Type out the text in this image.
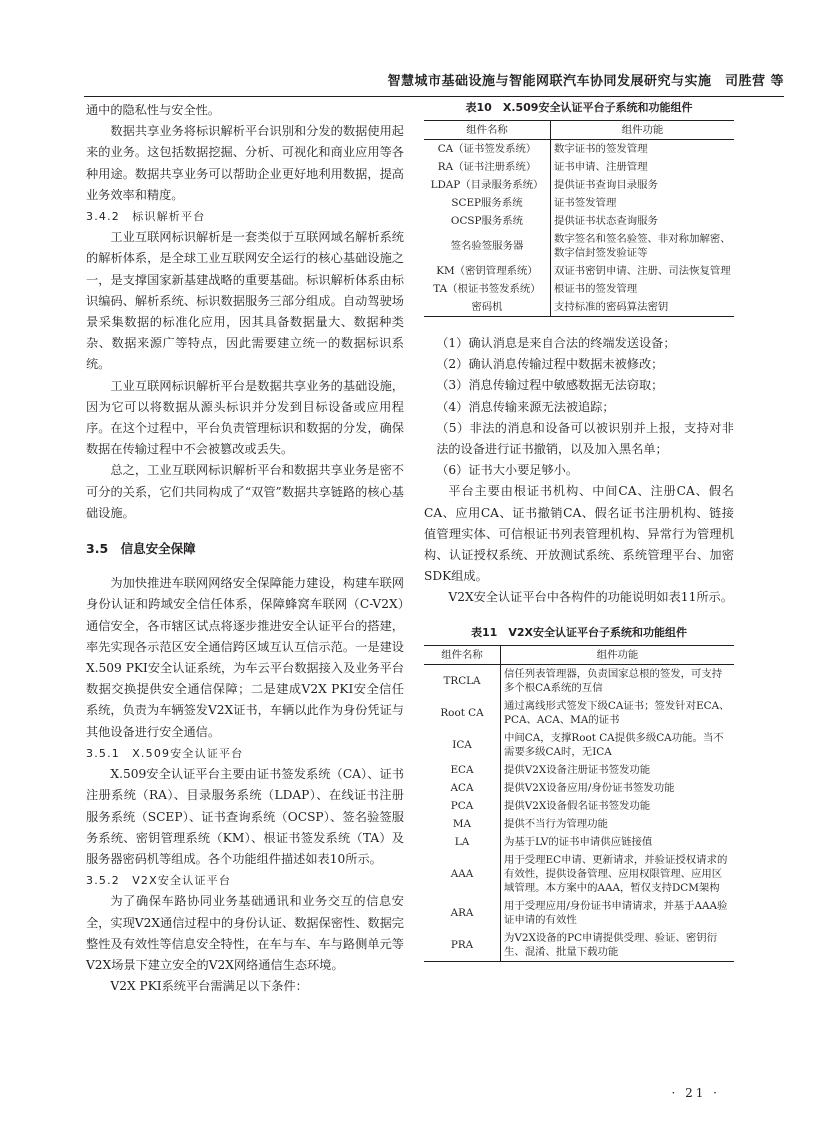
智慧城市基础设施与智能网联汽车协同发展研究与实施　司胜营 等

通中的隐私性与安全性。

数据共享业务将标识解析平台识别和分发的数据使用起来的业务。这包括数据挖掘、分析、可视化和商业应用等各种用途。数据共享业务可以帮助企业更好地利用数据，提高业务效率和精度。

3.4.2　标识解析平台

工业互联网标识解析是一套类似于互联网域名解析系统的解析体系，是全球工业互联网安全运行的核心基础设施之一，是支撑国家新基建战略的重要基础。标识解析体系由标识编码、解析系统、标识数据服务三部分组成。自动驾驶场景采集数据的标准化应用，因其具备数据量大、数据种类杂、数据来源广等特点，因此需要建立统一的数据标识系统。

工业互联网标识解析平台是数据共享业务的基础设施，因为它可以将数据从源头标识并分发到目标设备或应用程序。在这个过程中，平台负责管理标识和数据的分发，确保数据在传输过程中不会被篡改或丢失。

总之，工业互联网标识解析平台和数据共享业务是密不可分的关系，它们共同构成了“双管”数据共享链路的核心基础设施。

3.5　信息安全保障

为加快推进车联网网络安全保障能力建设，构建车联网身份认证和跨域安全信任体系，保障蜂窝车联网（C-V2X）通信安全，各市辖区试点将逐步推进安全认证平台的搭建，率先实现各示范区安全通信跨区域互认互信示范。一是建设X.509 PKI安全认证系统，为车云平台数据接入及业务平台数据交换提供安全通信保障；二是建成V2X PKI安全信任系统，负责为车辆签发V2X证书，车辆以此作为身份凭证与其他设备进行安全通信。

3.5.1　X.509安全认证平台

X.509安全认证平台主要由证书签发系统（CA）、证书注册系统（RA）、目录服务系统（LDAP）、在线证书注册服务系统（SCEP）、证书查询系统（OCSP）、签名验签服务系统、密钥管理系统（KM）、根证书签发系统（TA）及服务器密码机等组成。各个功能组件描述如表10所示。

3.5.2　V2X安全认证平台

为了确保车路协同业务基础通讯和业务交互的信息安全，实现V2X通信过程中的身份认证、数据保密性、数据完整性及有效性等信息安全特性，在车与车、车与路侧单元等V2X场景下建立安全的V2X网络通信生态环境。

V2X PKI系统平台需满足以下条件：

表10　X.509安全认证平台子系统和功能组件

组件名称	组件功能
CA（证书签发系统）	数字证书的签发管理
RA（证书注册系统）	证书申请、注册管理
LDAP（目录服务系统）	提供证书查询目录服务
SCEP服务系统	证书签发管理
OCSP服务系统	提供证书状态查询服务
签名验签服务器	数字签名和签名验签、非对称加解密、数字信封签发验证等
KM（密钥管理系统）	双证书密钥申请、注册、司法恢复管理
TA（根证书签发系统）	根证书的签发管理
密码机	支持标准的密码算法密钥

（1）确认消息是来自合法的终端发送设备；

（2）确认消息传输过程中数据未被修改；

（3）消息传输过程中敏感数据无法窃取；

（4）消息传输来源无法被追踪；

（5）非法的消息和设备可以被识别并上报，支持对非法的设备进行证书撤销，以及加入黑名单；

（6）证书大小要足够小。

平台主要由根证书机构、中间CA、注册CA、假名CA、应用CA、证书撤销CA、假名证书注册机构、链接值管理实体、可信根证书列表管理机构、异常行为管理机构、认证授权系统、开放测试系统、系统管理平台、加密SDK组成。

V2X安全认证平台中各构件的功能说明如表11所示。

表11　V2X安全认证平台子系统和功能组件

组件名称	组件功能
TRCLA	信任列表管理器，负责国家总根的签发，可支持多个根CA系统的互信
Root CA	通过离线形式签发下级CA证书；签发针对ECA、PCA、ACA、MA的证书
ICA	中间CA，支撑Root CA提供多级CA功能。当不需要多级CA时，无ICA
ECA	提供V2X设备注册证书签发功能
ACA	提供V2X设备应用/身份证书签发功能
PCA	提供V2X设备假名证书签发功能
MA	提供不当行为管理功能
LA	为基于LV的证书申请供应链接值
AAA	用于受理EC申请、更新请求，并验证授权请求的有效性，提供设备管理、应用权限管理、应用区域管理。本方案中的AAA，暂仅支持DCM架构
ARA	用于受理应用/身份证书申请请求，并基于AAA验证申请的有效性
PRA	为V2X设备的PC申请提供受理、验证、密钥衍生、混淆、批量下载功能
· 21 ·
